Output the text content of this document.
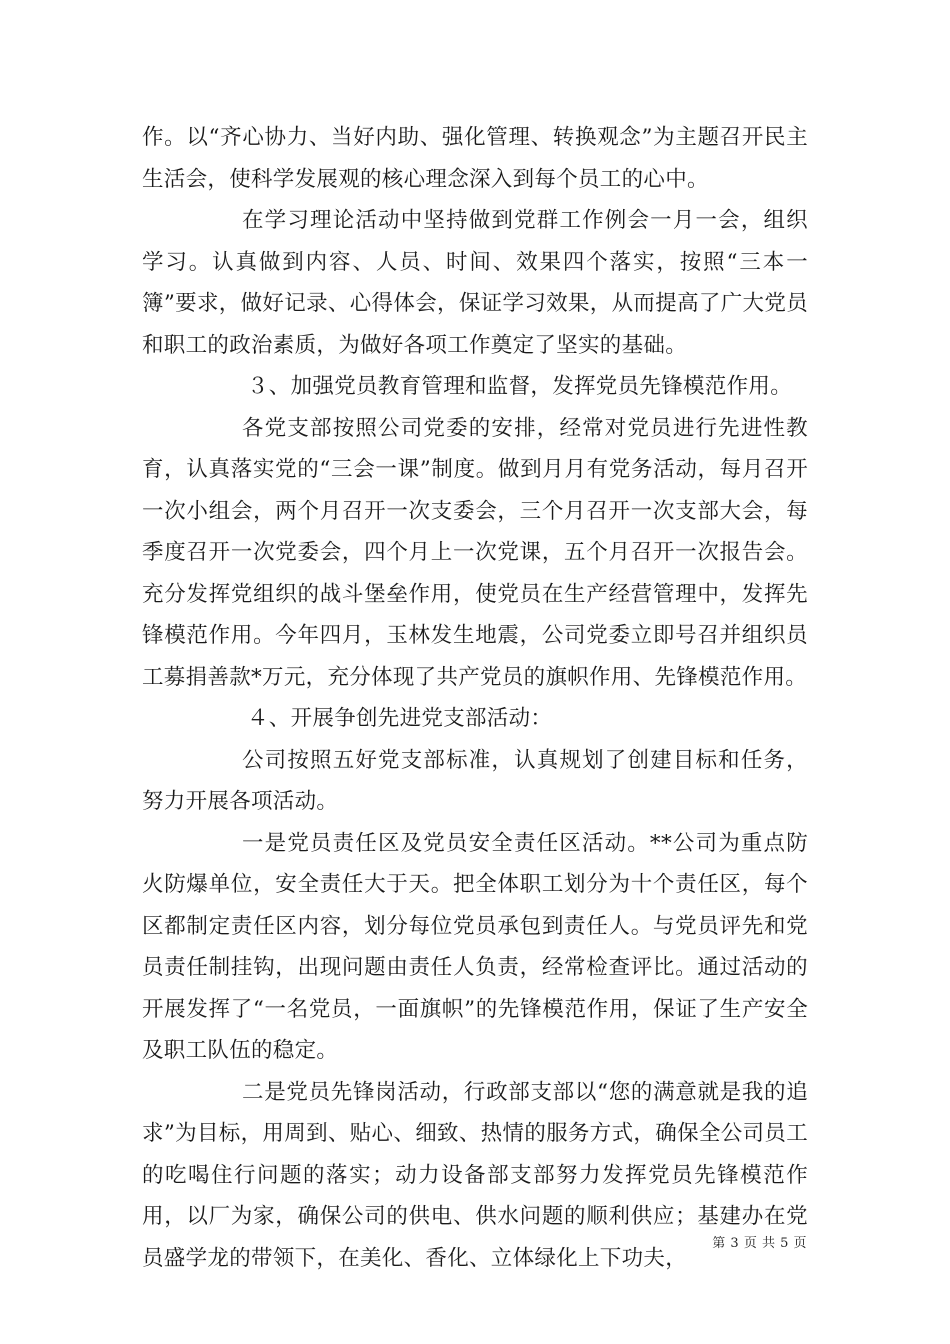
作。以“齐心协力、当好内助、强化管理、转换观念”为主题召开民主生活会，使科学发展观的核心理念深入到每个员工的心中。

在学习理论活动中坚持做到党群工作例会一月一会，组织学习。认真做到内容、人员、时间、效果四个落实，按照“三本一簿”要求，做好记录、心得体会，保证学习效果，从而提高了广大党员和职工的政治素质，为做好各项工作奠定了坚实的基础。

３、加强党员教育管理和监督，发挥党员先锋模范作用。

各党支部按照公司党委的安排，经常对党员进行先进性教育，认真落实党的“三会一课”制度。做到月月有党务活动，每月召开一次小组会，两个月召开一次支委会，三个月召开一次支部大会，每季度召开一次党委会，四个月上一次党课，五个月召开一次报告会。充分发挥党组织的战斗堡垒作用，使党员在生产经营管理中，发挥先锋模范作用。今年四月，玉林发生地震，公司党委立即号召并组织员工募捐善款*万元，充分体现了共产党员的旗帜作用、先锋模范作用。

４、开展争创先进党支部活动：

公司按照五好党支部标准，认真规划了创建目标和任务，努力开展各项活动。

一是党员责任区及党员安全责任区活动。**公司为重点防火防爆单位，安全责任大于天。把全体职工划分为十个责任区，每个区都制定责任区内容，划分每位党员承包到责任人。与党员评先和党员责任制挂钩，出现问题由责任人负责，经常检查评比。通过活动的开展发挥了“一名党员，一面旗帜”的先锋模范作用，保证了生产安全及职工队伍的稳定。

二是党员先锋岗活动，行政部支部以“您的满意就是我的追求”为目标，用周到、贴心、细致、热情的服务方式，确保全公司员工的吃喝住行问题的落实；动力设备部支部努力发挥党员先锋模范作用，以厂为家，确保公司的供电、供水问题的顺利供应；基建办在党员盛学龙的带领下，在美化、香化、立体绿化上下功夫，

第 3 页 共 5 页
